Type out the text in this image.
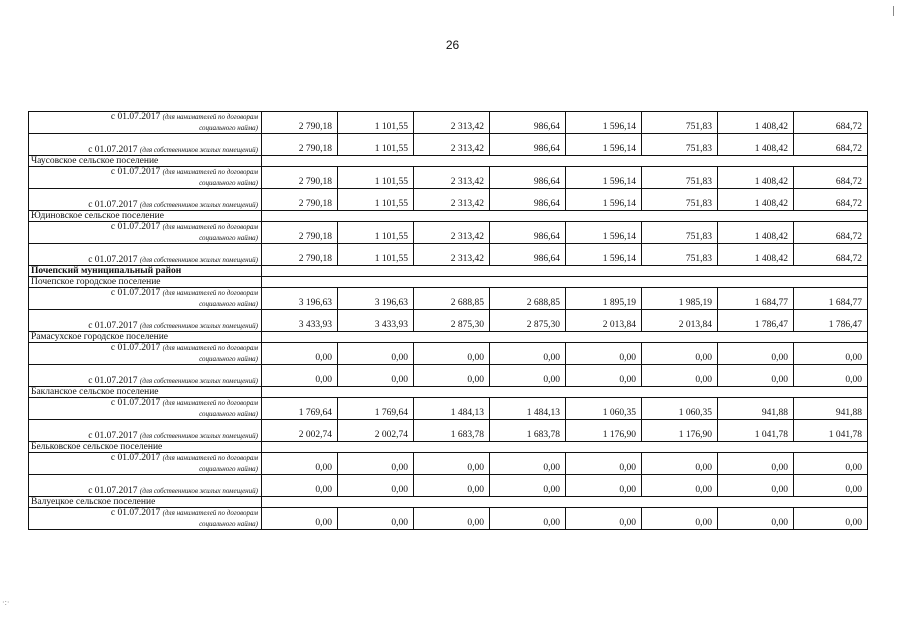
26
с 01.07.2017 (для нанимателей по договорам
социального найма)	2 790,18	1 101,55	2 313,42	986,64	1 596,14	751,83	1 408,42	684,72
с 01.07.2017 (для собственников жилых помещений)	2 790,18	1 101,55	2 313,42	986,64	1 596,14	751,83	1 408,42	684,72
Чаусовское сельское поселение								
с 01.07.2017 (для нанимателей по договорам
социального найма)	2 790,18	1 101,55	2 313,42	986,64	1 596,14	751,83	1 408,42	684,72
с 01.07.2017 (для собственников жилых помещений)	2 790,18	1 101,55	2 313,42	986,64	1 596,14	751,83	1 408,42	684,72
Юдиновское сельское поселение								
с 01.07.2017 (для нанимателей по договорам
социального найма)	2 790,18	1 101,55	2 313,42	986,64	1 596,14	751,83	1 408,42	684,72
с 01.07.2017 (для собственников жилых помещений)	2 790,18	1 101,55	2 313,42	986,64	1 596,14	751,83	1 408,42	684,72
Почепский муниципальный район								
Почепское городское поселение								
с 01.07.2017 (для нанимателей по договорам
социального найма)	3 196,63	3 196,63	2 688,85	2 688,85	1 895,19	1 985,19	1 684,77	1 684,77
с 01.07.2017 (для собственников жилых помещений)	3 433,93	3 433,93	2 875,30	2 875,30	2 013,84	2 013,84	1 786,47	1 786,47
Рамасухское городское поселение								
с 01.07.2017 (для нанимателей по договорам
социального найма)	0,00	0,00	0,00	0,00	0,00	0,00	0,00	0,00
с 01.07.2017 (для собственников жилых помещений)	0,00	0,00	0,00	0,00	0,00	0,00	0,00	0,00
Бакланское сельское поселение								
с 01.07.2017 (для нанимателей по договорам
социального найма)	1 769,64	1 769,64	1 484,13	1 484,13	1 060,35	1 060,35	941,88	941,88
с 01.07.2017 (для собственников жилых помещений)	2 002,74	2 002,74	1 683,78	1 683,78	1 176,90	1 176,90	1 041,78	1 041,78
Бельковское сельское поселение								
с 01.07.2017 (для нанимателей по договорам
социального найма)	0,00	0,00	0,00	0,00	0,00	0,00	0,00	0,00
с 01.07.2017 (для собственников жилых помещений)	0,00	0,00	0,00	0,00	0,00	0,00	0,00	0,00
Валуецкое сельское поселение								
с 01.07.2017 (для нанимателей по договорам
социального найма)	0,00	0,00	0,00	0,00	0,00	0,00	0,00	0,00
·:·
